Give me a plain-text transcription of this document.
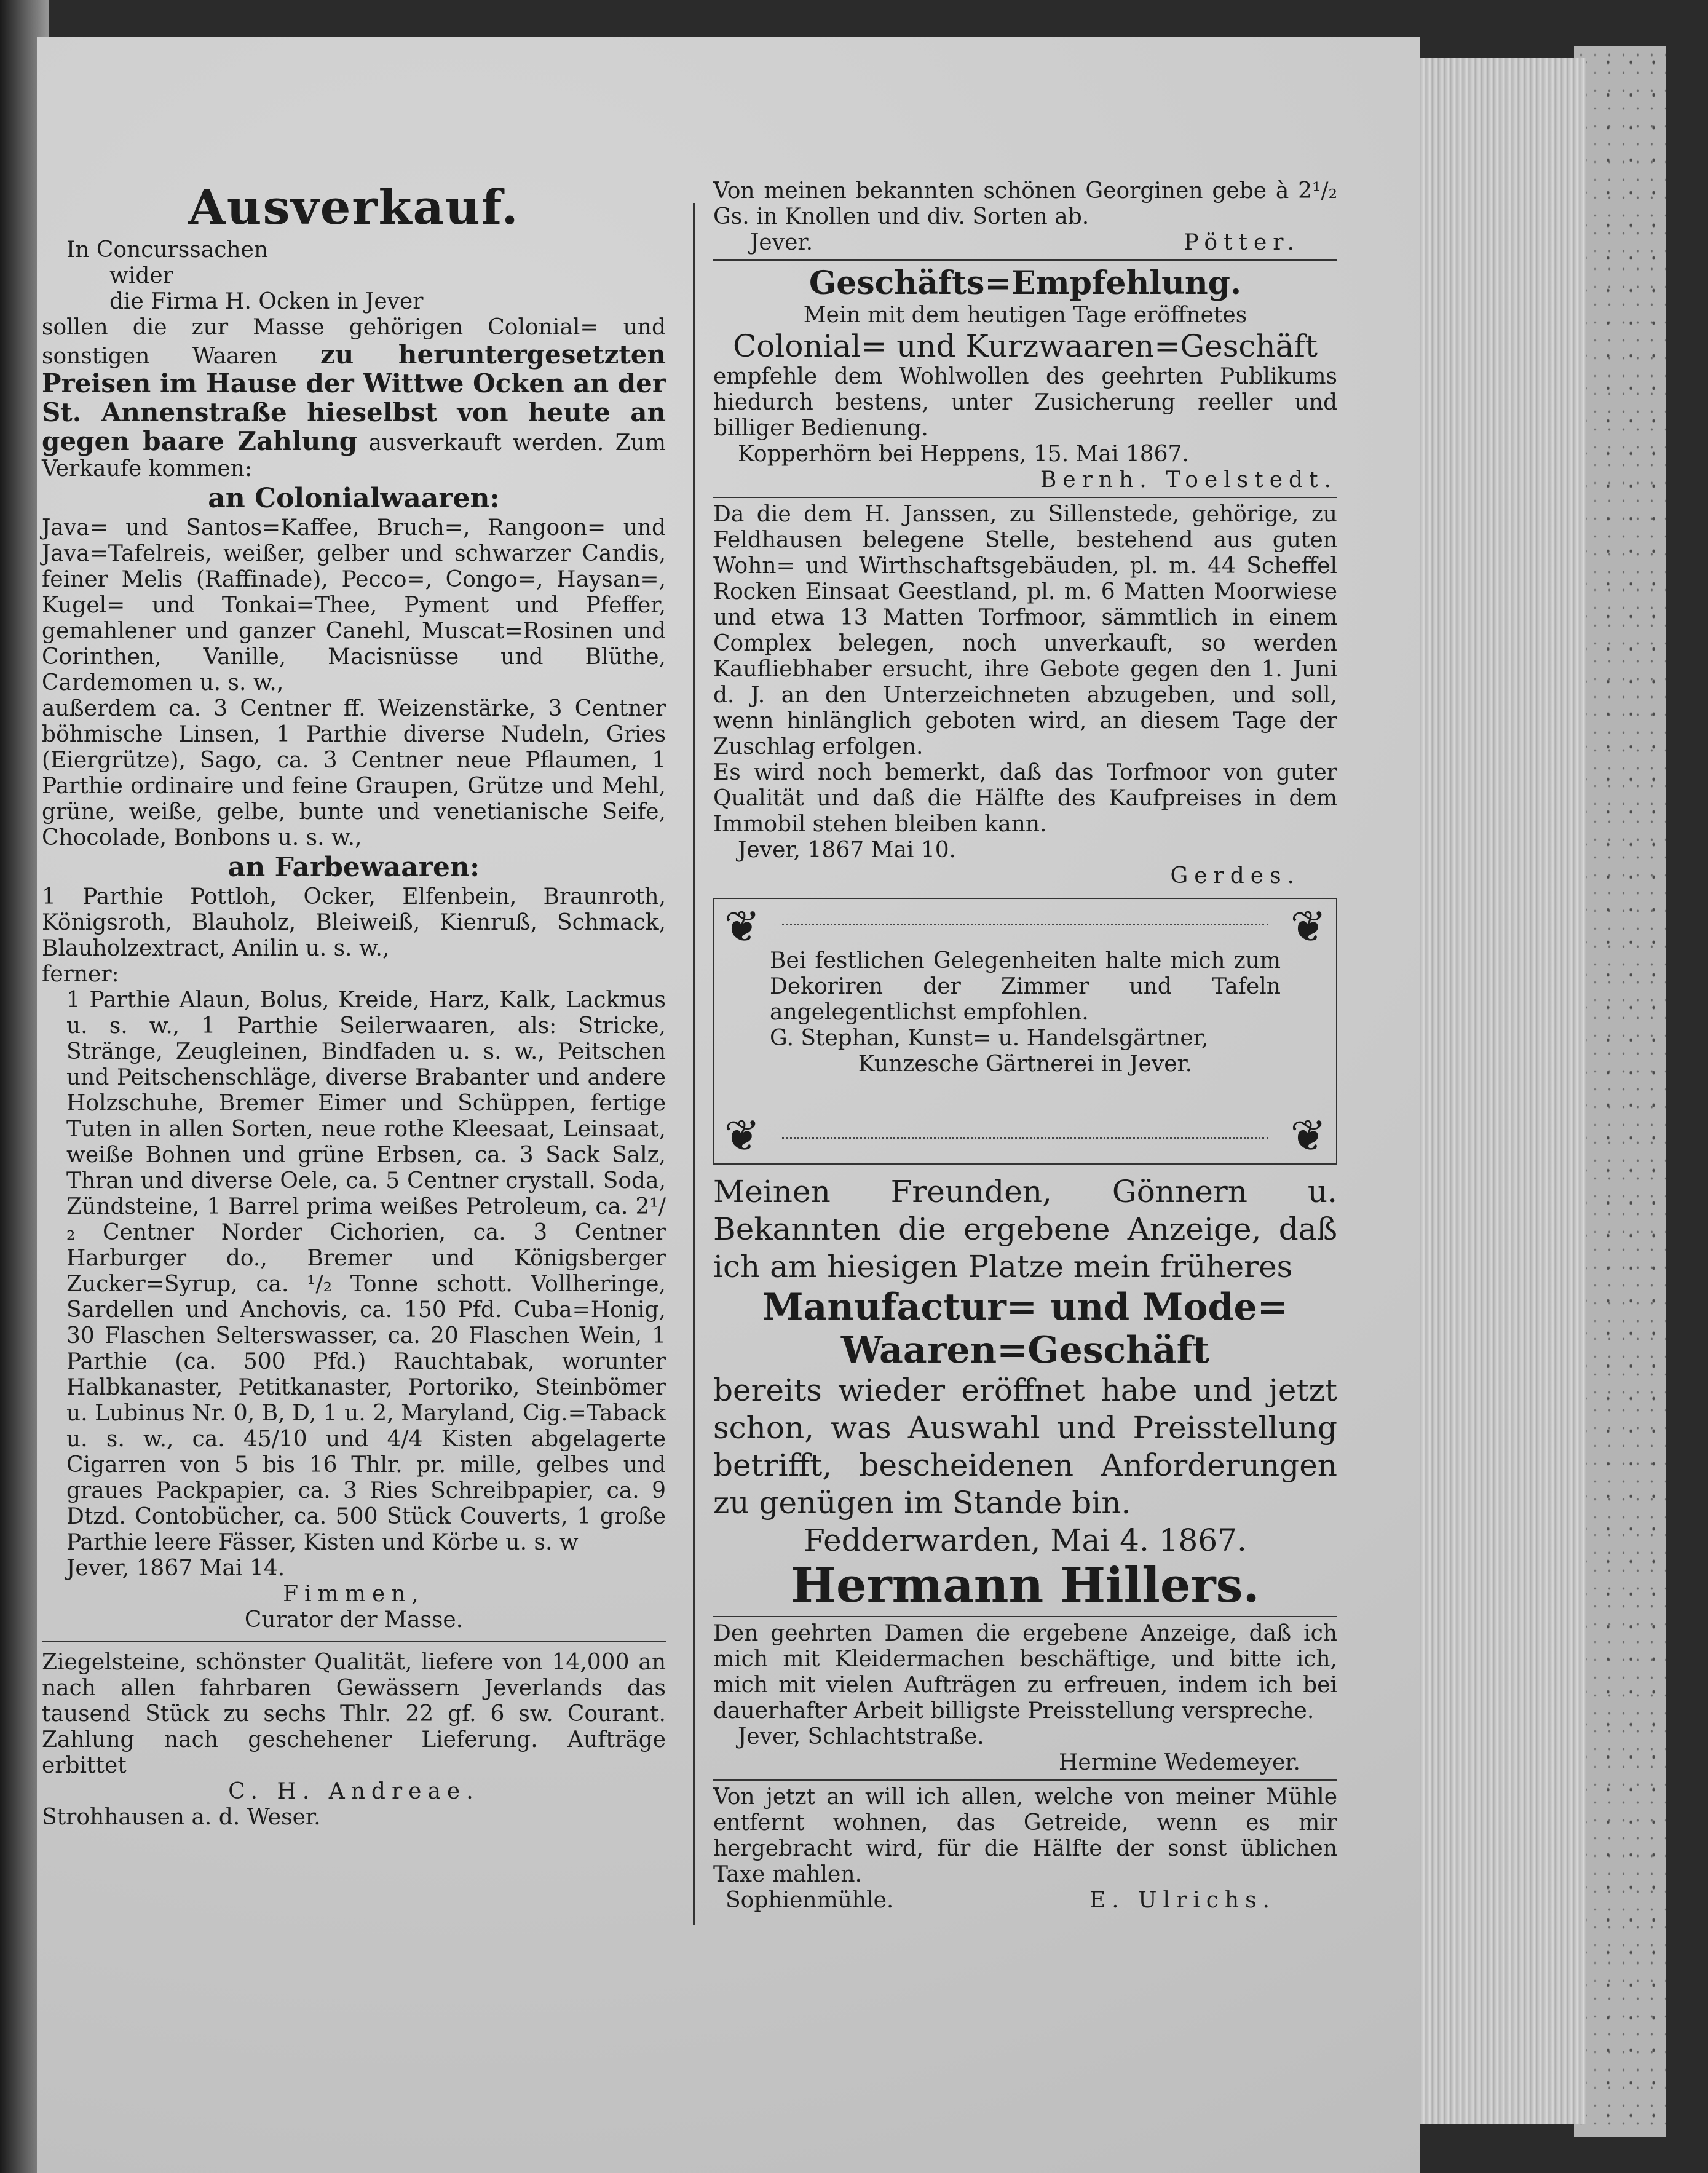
Ausverkauf.
In Concurssachen
wider
die Firma H. Ocken in Jever
sollen die zur Masse gehörigen Colonial= und sonstigen Waaren zu heruntergesetzten Preisen im Hause der Wittwe Ocken an der St. Annenstraße hieselbst von heute an gegen baare Zahlung ausverkauft werden. Zum Verkaufe kommen:
an Colonialwaaren:
Java= und Santos=Kaffee, Bruch=, Rangoon= und Java=Tafelreis, weißer, gelber und schwarzer Candis, feiner Melis (Raffinade), Pecco=, Congo=, Haysan=, Kugel= und Tonkai=Thee, Pyment und Pfeffer, gemahlener und ganzer Canehl, Muscat=Rosinen und Corinthen, Vanille, Macisnüsse und Blüthe, Cardemomen u. s. w.,
außerdem ca. 3 Centner ff. Weizenstärke, 3 Centner böhmische Linsen, 1 Parthie diverse Nudeln, Gries (Eiergrütze), Sago, ca. 3 Centner neue Pflaumen, 1 Parthie ordinaire und feine Graupen, Grütze und Mehl, grüne, weiße, gelbe, bunte und venetianische Seife, Chocolade, Bonbons u. s. w.,
an Farbewaaren:
1 Parthie Pottloh, Ocker, Elfenbein, Braunroth, Königsroth, Blauholz, Bleiweiß, Kienruß, Schmack, Blauholzextract, Anilin u. s. w.,
ferner:
1 Parthie Alaun, Bolus, Kreide, Harz, Kalk, Lackmus u. s. w., 1 Parthie Seilerwaaren, als: Stricke, Stränge, Zeugleinen, Bindfaden u. s. w., Peitschen und Peitschenschläge, diverse Brabanter und andere Holzschuhe, Bremer Eimer und Schüppen, fertige Tuten in allen Sorten, neue rothe Kleesaat, Leinsaat, weiße Bohnen und grüne Erbsen, ca. 3 Sack Salz, Thran und diverse Oele, ca. 5 Centner crystall. Soda, Zündsteine, 1 Barrel prima weißes Petroleum, ca. 2¹/₂ Centner Norder Cichorien, ca. 3 Centner Harburger do., Bremer und Königsberger Zucker=Syrup, ca. ¹/₂ Tonne schott. Vollheringe, Sardellen und Anchovis, ca. 150 Pfd. Cuba=Honig, 30 Flaschen Selterswasser, ca. 20 Flaschen Wein, 1 Parthie (ca. 500 Pfd.) Rauchtabak, worunter Halbkanaster, Petitkanaster, Portoriko, Steinbömer u. Lubinus Nr. 0, B, D, 1 u. 2, Maryland, Cig.=Taback u. s. w., ca. 45/10 und 4/4 Kisten abgelagerte Cigarren von 5 bis 16 Thlr. pr. mille, gelbes und graues Packpapier, ca. 3 Ries Schreibpapier, ca. 9 Dtzd. Contobücher, ca. 500 Stück Couverts, 1 große Parthie leere Fässer, Kisten und Körbe u. s. w
Jever, 1867 Mai 14.
Fimmen,
Curator der Masse.
Ziegelsteine, schönster Qualität, liefere von 14,000 an nach allen fahrbaren Gewässern Jeverlands das tausend Stück zu sechs Thlr. 22 gf. 6 sw. Courant. Zahlung nach geschehener Lieferung. Aufträge erbittet
C. H. Andreae.
Strohhausen a. d. Weser.
Von meinen bekannten schönen Georginen gebe à 2¹/₂ Gs. in Knollen und div. Sorten ab.
Jever.	Pötter.
Geschäfts=Empfehlung.
Mein mit dem heutigen Tage eröffnetes
Colonial= und Kurzwaaren=Geschäft
empfehle dem Wohlwollen des geehrten Publikums hiedurch bestens, unter Zusicherung reeller und billiger Bedienung.
Kopperhörn bei Heppens, 15. Mai 1867.
Bernh. Toelstedt.
Da die dem H. Janssen, zu Sillenstede, gehörige, zu Feldhausen belegene Stelle, bestehend aus guten Wohn= und Wirthschaftsgebäuden, pl. m. 44 Scheffel Rocken Einsaat Geestland, pl. m. 6 Matten Moorwiese und etwa 13 Matten Torfmoor, sämmtlich in einem Complex belegen, noch unverkauft, so werden Kaufliebhaber ersucht, ihre Gebote gegen den 1. Juni d. J. an den Unterzeichneten abzugeben, und soll, wenn hinlänglich geboten wird, an diesem Tage der Zuschlag erfolgen.
Es wird noch bemerkt, daß das Torfmoor von guter Qualität und daß die Hälfte des Kaufpreises in dem Immobil stehen bleiben kann.
Jever, 1867 Mai 10.
Gerdes.
❦	❦
❦	❦
Bei festlichen Gelegenheiten halte mich zum Dekoriren der Zimmer und Tafeln angelegentlichst empfohlen.
G. Stephan, Kunst= u. Handelsgärtner,
Kunzesche Gärtnerei in Jever.
Meinen Freunden, Gönnern u. Bekannten die ergebene Anzeige, daß ich am hiesigen Platze mein früheres
Manufactur= und Mode=
Waaren=Geschäft
bereits wieder eröffnet habe und jetzt schon, was Auswahl und Preisstellung betrifft, bescheidenen Anforderungen zu genügen im Stande bin.
Fedderwarden, Mai 4. 1867.
Hermann Hillers.
Den geehrten Damen die ergebene Anzeige, daß ich mich mit Kleidermachen beschäftige, und bitte ich, mich mit vielen Aufträgen zu erfreuen, indem ich bei dauerhafter Arbeit billigste Preisstellung verspreche.
Jever, Schlachtstraße.
Hermine Wedemeyer.
Von jetzt an will ich allen, welche von meiner Mühle entfernt wohnen, das Getreide, wenn es mir hergebracht wird, für die Hälfte der sonst üblichen Taxe mahlen.
Sophienmühle.	E. Ulrichs.
